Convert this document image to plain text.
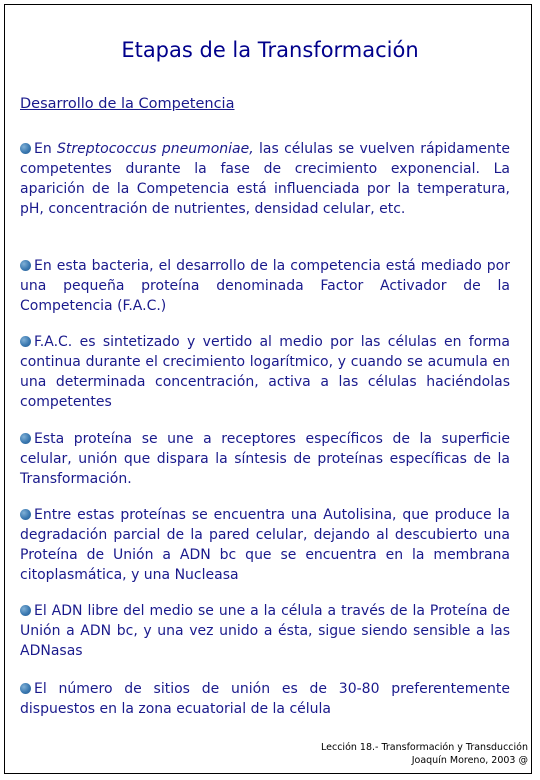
Etapas de la Transformación
Desarrollo de la Competencia
En Streptococcus pneumoniae, las células se vuelven rápidamente competentes durante la fase de crecimiento exponencial. La aparición de la Competencia está influenciada por la temperatura, pH, concentración de nutrientes, densidad celular, etc.
En esta bacteria, el desarrollo de la competencia está mediado por una pequeña proteína denominada Factor Activador de la Competencia (F.A.C.)
F.A.C. es sintetizado y vertido al medio por las células en forma continua durante el crecimiento logarítmico, y cuando se acumula en una determinada concentración, activa a las células haciéndolas competentes
Esta proteína se une a receptores específicos de la superficie celular, unión que dispara la síntesis de proteínas específicas de la Transformación.
Entre estas proteínas se encuentra una Autolisina, que produce la degradación parcial de la pared celular, dejando al descubierto una Proteína de Unión a ADN bc que se encuentra en la membrana citoplasmática, y una Nucleasa
El ADN libre del medio se une a la célula a través de la Proteína de Unión a ADN bc, y una vez unido a ésta, sigue siendo sensible a las ADNasas
El número de sitios de unión es de 30-80 preferentemente dispuestos en la zona ecuatorial de la célula
Lección 18.- Transformación y Transducción
Joaquín Moreno, 2003 @
